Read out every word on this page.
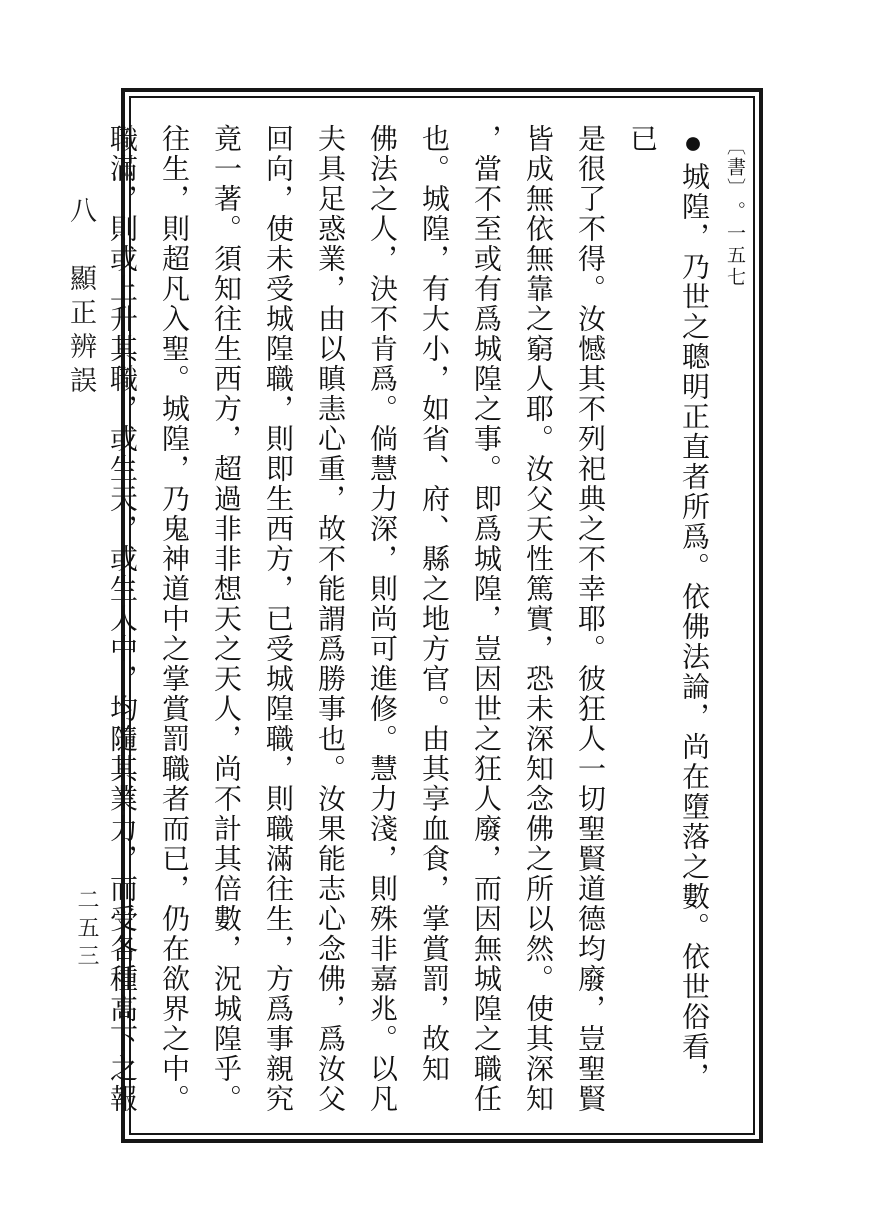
八　顯正辨誤
二五三
〔書〕。一五七
●城隍，乃世之聰明正直者所爲。依佛法論，尚在墮落之數。依世俗看，已
是很了不得。汝憾其不列祀典之不幸耶。彼狂人一切聖賢道德均廢，豈聖賢
皆成無依無靠之窮人耶。汝父天性篤實，恐未深知念佛之所以然。使其深知
，當不至或有爲城隍之事。即爲城隍，豈因世之狂人廢，而因無城隍之職任
也。城隍，有大小，如省、府、縣之地方官。由其享血食，掌賞罰，故知
佛法之人，決不肯爲。倘慧力深，則尚可進修。慧力淺，則殊非嘉兆。以凡
夫具足惑業，由以瞋恚心重，故不能謂爲勝事也。汝果能志心念佛，爲汝父
回向，使未受城隍職，則即生西方，已受城隍職，則職滿往生，方爲事親究
竟一著。須知往生西方，超過非非想天之天人，尚不計其倍數，況城隍乎。
往生，則超凡入聖。城隍，乃鬼神道中之掌賞罰職者而已，仍在欲界之中。
職滿，則或上升其職，或生天，或生人中，均隨其業力，而受各種高下之報
